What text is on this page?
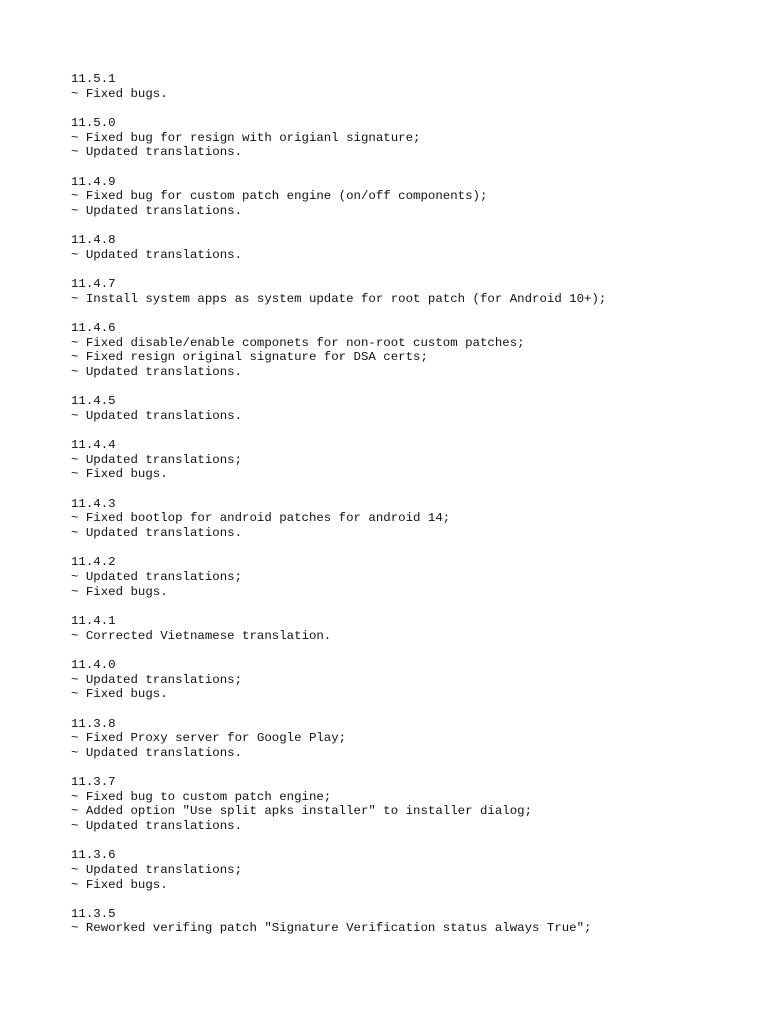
11.5.1
~ Fixed bugs.
11.5.0
~ Fixed bug for resign with origianl signature;
~ Updated translations.
11.4.9
~ Fixed bug for custom patch engine (on/off components);
~ Updated translations.
11.4.8
~ Updated translations.
11.4.7
~ Install system apps as system update for root patch (for Android 10+);
11.4.6
~ Fixed disable/enable componets for non-root custom patches;
~ Fixed resign original signature for DSA certs;
~ Updated translations.
11.4.5
~ Updated translations.
11.4.4
~ Updated translations;
~ Fixed bugs.
11.4.3
~ Fixed bootlop for android patches for android 14;
~ Updated translations.
11.4.2
~ Updated translations;
~ Fixed bugs.
11.4.1
~ Corrected Vietnamese translation.
11.4.0
~ Updated translations;
~ Fixed bugs.
11.3.8
~ Fixed Proxy server for Google Play;
~ Updated translations.
11.3.7
~ Fixed bug to custom patch engine;
~ Added option "Use split apks installer" to installer dialog;
~ Updated translations.
11.3.6
~ Updated translations;
~ Fixed bugs.
11.3.5
~ Reworked verifing patch "Signature Verification status always True";
